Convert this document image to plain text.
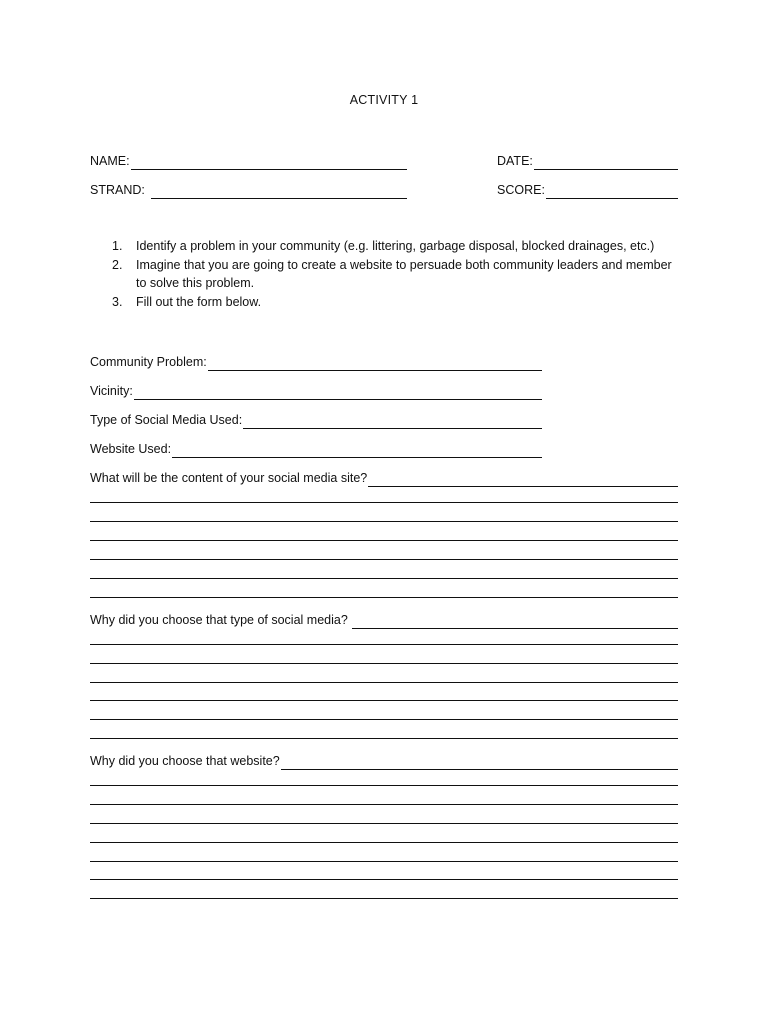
ACTIVITY 1
NAME:	DATE:
STRAND:	SCORE:
1.	Identify a problem in your community (e.g. littering, garbage disposal, blocked drainages, etc.)
2.	Imagine that you are going to create a website to persuade both community leaders and member to solve this problem.
3.	Fill out the form below.
Community Problem:
Vicinity:
Type of Social Media Used:
Website Used:
What will be the content of your social media site?
Why did you choose that type of social media?
Why did you choose that website?
